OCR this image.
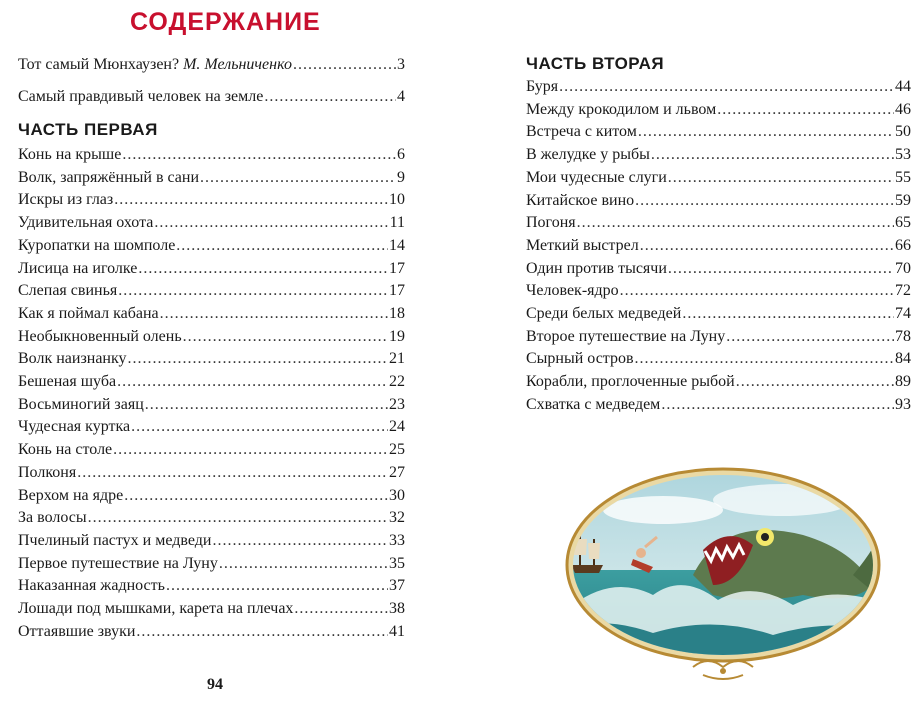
СОДЕРЖАНИЕ
Тот самый Мюнхаузен? М. Мельниченко .....	3
Самый правдивый человек на земле .....	4
ЧАСТЬ ПЕРВАЯ
Конь на крыше .....	6
Волк, запряжённый в сани .....	9
Искры из глаз .....	10
Удивительная охота .....	11
Куропатки на шомполе .....	14
Лисица на иголке .....	17
Слепая свинья .....	17
Как я поймал кабана .....	18
Необыкновенный олень .....	19
Волк наизнанку .....	21
Бешеная шуба .....	22
Восьминогий заяц .....	23
Чудесная куртка .....	24
Конь на столе .....	25
Полконя .....	27
Верхом на ядре .....	30
За волосы .....	32
Пчелиный пастух и медведи .....	33
Первое путешествие на Луну .....	35
Наказанная жадность .....	37
Лошади под мышками, карета на плечах .....	38
Оттаявшие звуки .....	41
94
ЧАСТЬ ВТОРАЯ
Буря .....	44
Между крокодилом и львом .....	46
Встреча с китом .....	50
В желудке у рыбы .....	53
Мои чудесные слуги .....	55
Китайское вино .....	59
Погоня .....	65
Меткий выстрел .....	66
Один против тысячи .....	70
Человек-ядро .....	72
Среди белых медведей .....	74
Второе путешествие на Луну .....	78
Сырный остров .....	84
Корабли, проглоченные рыбой .....	89
Схватка с медведем .....	93
